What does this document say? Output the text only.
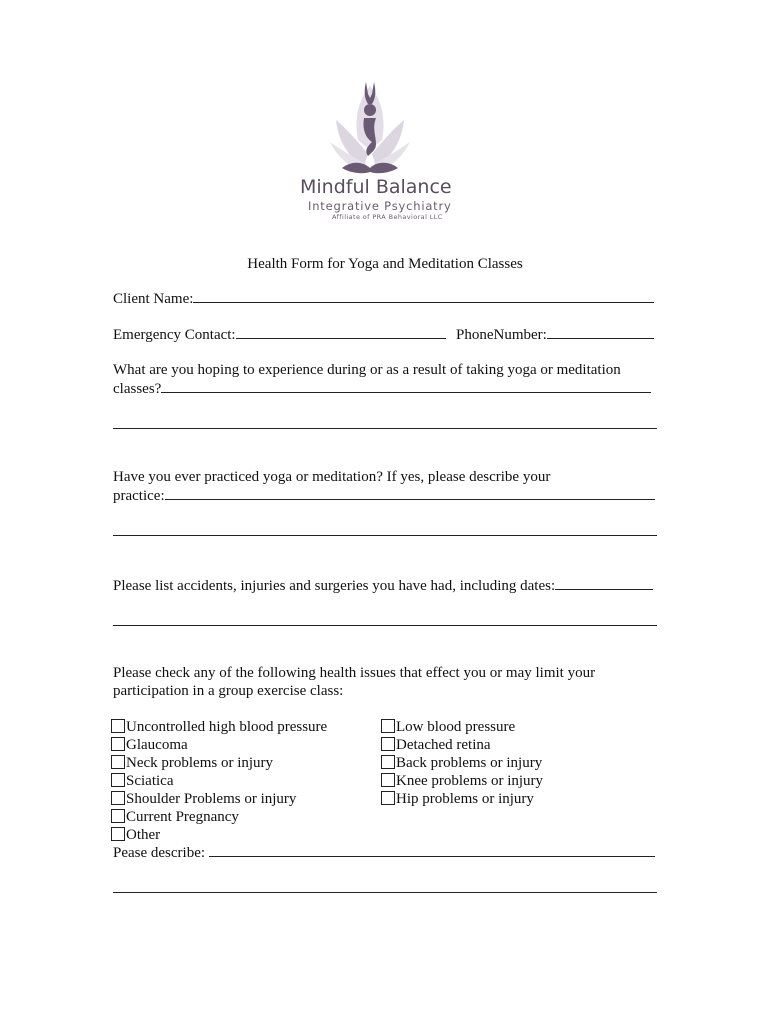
Mindful Balance
Integrative Psychiatry
Affiliate of PRA Behavioral LLC
Health Form for Yoga and Meditation Classes
Client Name:
Emergency Contact:	PhoneNumber:
What are you hoping to experience during or as a result of taking yoga or meditation
classes?
Have you ever practiced yoga or meditation? If yes, please describe your
practice:
Please list accidents, injuries and surgeries you have had, including dates:
Please check any of the following health issues that effect you or may limit your
participation in a group exercise class:
Uncontrolled high blood pressure
Glaucoma
Neck problems or injury
Sciatica
Shoulder Problems or injury
Current Pregnancy
Other
Low blood pressure
Detached retina
Back problems or injury
Knee problems or injury
Hip problems or injury
Pease describe:
